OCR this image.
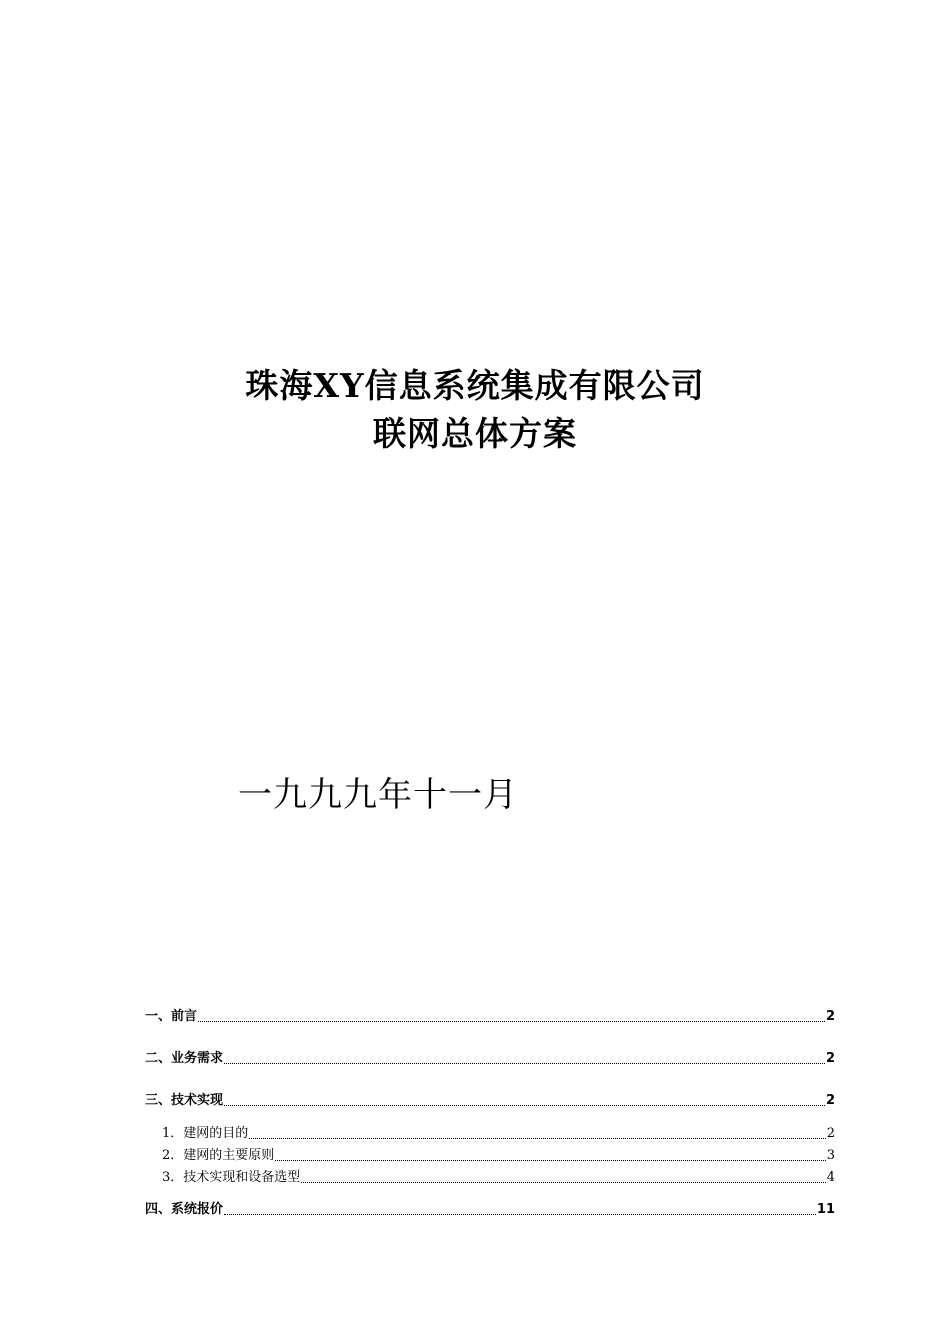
珠海XY信息系统集成有限公司
联网总体方案
一九九九年十一月
一、前言	2
二、业务需求	2
三、技术实现	2
1．建网的目的	2
2．建网的主要原则	3
3．技术实现和设备选型	4
四、系统报价	11
